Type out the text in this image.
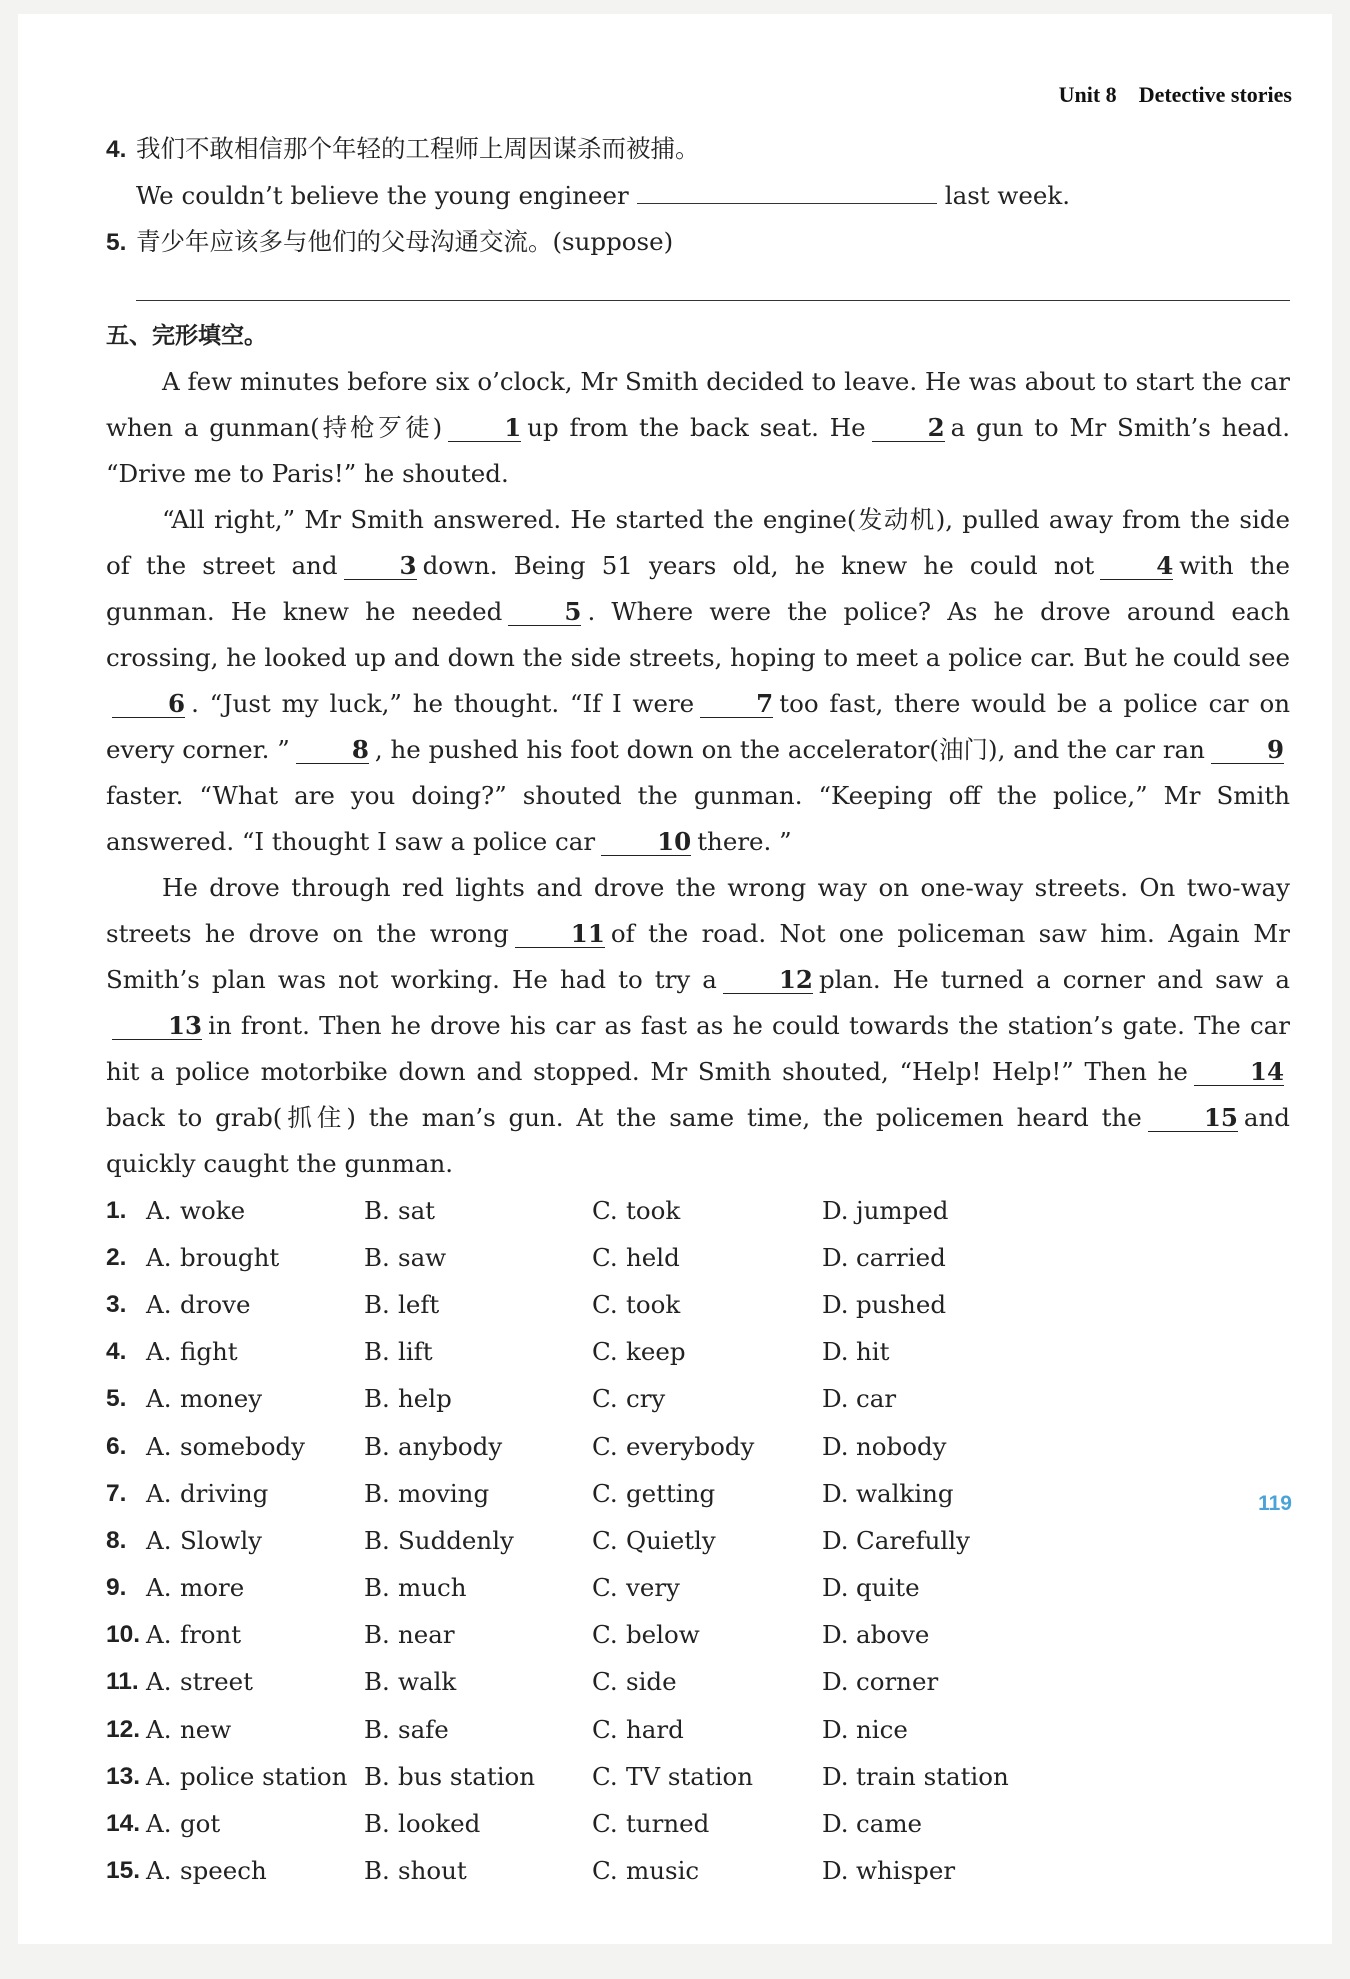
Unit 8 Detective stories
4. 我们不敢相信那个年轻的工程师上周因谋杀而被捕。
We couldn’t believe the young engineer	last week.
5. 青少年应该多与他们的父母沟通交流。(suppose)
五、完形填空。

A few minutes before six o’clock, Mr Smith decided to leave. He was about to start the car when a gunman(持枪歹徒)	1 up from the back seat. He	2 a gun to Mr Smith’s head. “Drive me to Paris!” he shouted.

“All right,” Mr Smith answered. He started the engine(发动机), pulled away from the side of the street and	3 down. Being 51 years old, he knew he could not	4 with the gunman. He knew he needed	5 . Where were the police? As he drove around each crossing, he looked up and down the side streets, hoping to meet a police car. But he could see6 . “Just my luck,” he thought. “If I were	7 too fast, there would be a police car on every corner. ”	8 , he pushed his foot down on the accelerator(油门), and the car ran	9faster. “What are you doing?” shouted the gunman. “Keeping off the police,” Mr Smith answered. “I thought I saw a police car	10 there. ”

He drove through red lights and drove the wrong way on one-way streets. On two-way streets he drove on the wrong	11 of the road. Not one policeman saw him. Again Mr Smith’s plan was not working. He had to try a	12 plan. He turned a corner and saw a13 in front. Then he drove his car as fast as he could towards the station’s gate. The car hit a police motorbike down and stopped. Mr Smith shouted, “Help! Help!” Then he	14back to grab(抓住) the man’s gun. At the same time, the policemen heard the	15 and quickly caught the gunman.

1. A. woke	B. sat	C. took	D. jumped
2. A. brought	B. saw	C. held	D. carried
3. A. drove	B. left	C. took	D. pushed
4. A. fight	B. lift	C. keep	D. hit
5. A. money	B. help	C. cry	D. car
6. A. somebody B. anybody	C. everybody	D. nobody
7. A. driving	B. moving	C. getting	D. walking
8. A. Slowly	B. Suddenly	C. Quietly	D. Carefully
9. A. more	B. much	C. very	D. quite
10. A. front	B. near	C. below	D. above
11. A. street	B. walk	C. side	D. corner
12. A. new	B. safe	C. hard	D. nice
13. A. police station B. bus station C. TV station	D. train station
14. A. got	B. looked	C. turned	D. came
15. A. speech	B. shout	C. music	D. whisper
119
